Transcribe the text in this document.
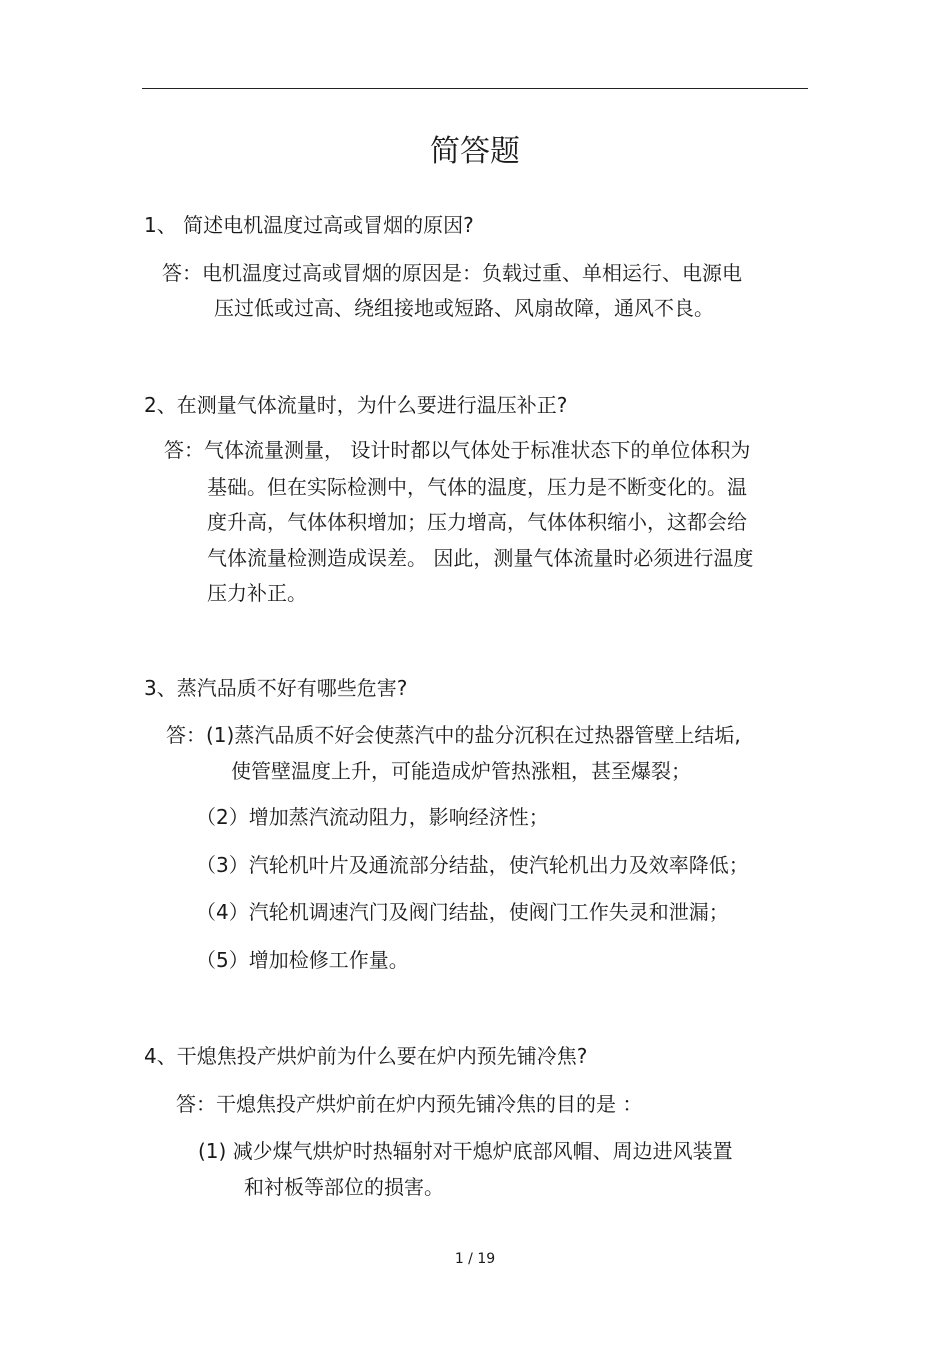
简答题
1、 简述电机温度过高或冒烟的原因?
答：电机温度过高或冒烟的原因是：负载过重、单相运行、电源电
压过低或过高、绕组接地或短路、风扇故障，通风不良。
2、在测量气体流量时，为什么要进行温压补正?
答：气体流量测量， 设计时都以气体处于标准状态下的单位体积为
基础。但在实际检测中，气体的温度，压力是不断变化的。温
度升高，气体体积增加；压力增高，气体体积缩小，这都会给
气体流量检测造成误差。 因此，测量气体流量时必须进行温度
压力补正。
3、蒸汽品质不好有哪些危害?
答：(1)蒸汽品质不好会使蒸汽中的盐分沉积在过热器管壁上结垢,
使管壁温度上升，可能造成炉管热涨粗，甚至爆裂；
（2）增加蒸汽流动阻力，影响经济性；
（3）汽轮机叶片及通流部分结盐，使汽轮机出力及效率降低；
（4）汽轮机调速汽门及阀门结盐，使阀门工作失灵和泄漏；
（5）增加检修工作量。
4、干熄焦投产烘炉前为什么要在炉内预先铺冷焦?
答：干熄焦投产烘炉前在炉内预先铺冷焦的目的是 ：
(1) 减少煤气烘炉时热辐射对干熄炉底部风帽、周边进风装置
和衬板等部位的损害。
1 / 19
